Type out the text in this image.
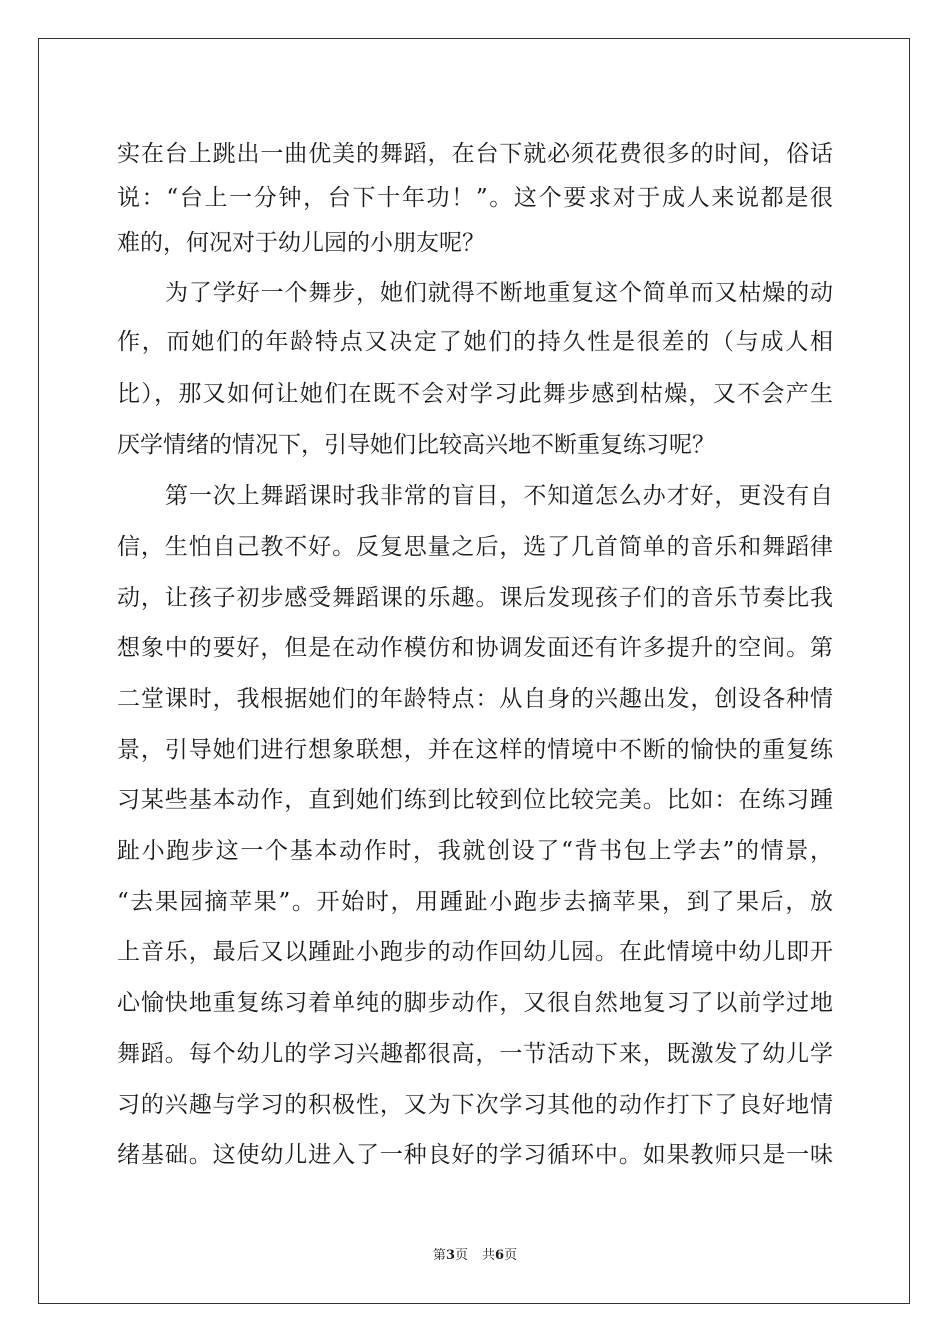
实在台上跳出一曲优美的舞蹈，在台下就必须花费很多的时间，俗话
说：“台上一分钟，台下十年功！”。这个要求对于成人来说都是很
难的，何况对于幼儿园的小朋友呢？
为了学好一个舞步，她们就得不断地重复这个简单而又枯燥的动
作，而她们的年龄特点又决定了她们的持久性是很差的（与成人相
比），那又如何让她们在既不会对学习此舞步感到枯燥，又不会产生
厌学情绪的情况下，引导她们比较高兴地不断重复练习呢？
第一次上舞蹈课时我非常的盲目，不知道怎么办才好，更没有自
信，生怕自己教不好。反复思量之后，选了几首简单的音乐和舞蹈律
动，让孩子初步感受舞蹈课的乐趣。课后发现孩子们的音乐节奏比我
想象中的要好，但是在动作模仿和协调发面还有许多提升的空间。第
二堂课时，我根据她们的年龄特点：从自身的兴趣出发，创设各种情
景，引导她们进行想象联想，并在这样的情境中不断的愉快的重复练
习某些基本动作，直到她们练到比较到位比较完美。比如：在练习踵
趾小跑步这一个基本动作时，我就创设了“背书包上学去”的情景，
“去果园摘苹果”。开始时，用踵趾小跑步去摘苹果，到了果后，放
上音乐，最后又以踵趾小跑步的动作回幼儿园。在此情境中幼儿即开
心愉快地重复练习着单纯的脚步动作，又很自然地复习了以前学过地
舞蹈。每个幼儿的学习兴趣都很高，一节活动下来，既激发了幼儿学
习的兴趣与学习的积极性，又为下次学习其他的动作打下了良好地情
绪基础。这使幼儿进入了一种良好的学习循环中。如果教师只是一味
第3页 共6页
